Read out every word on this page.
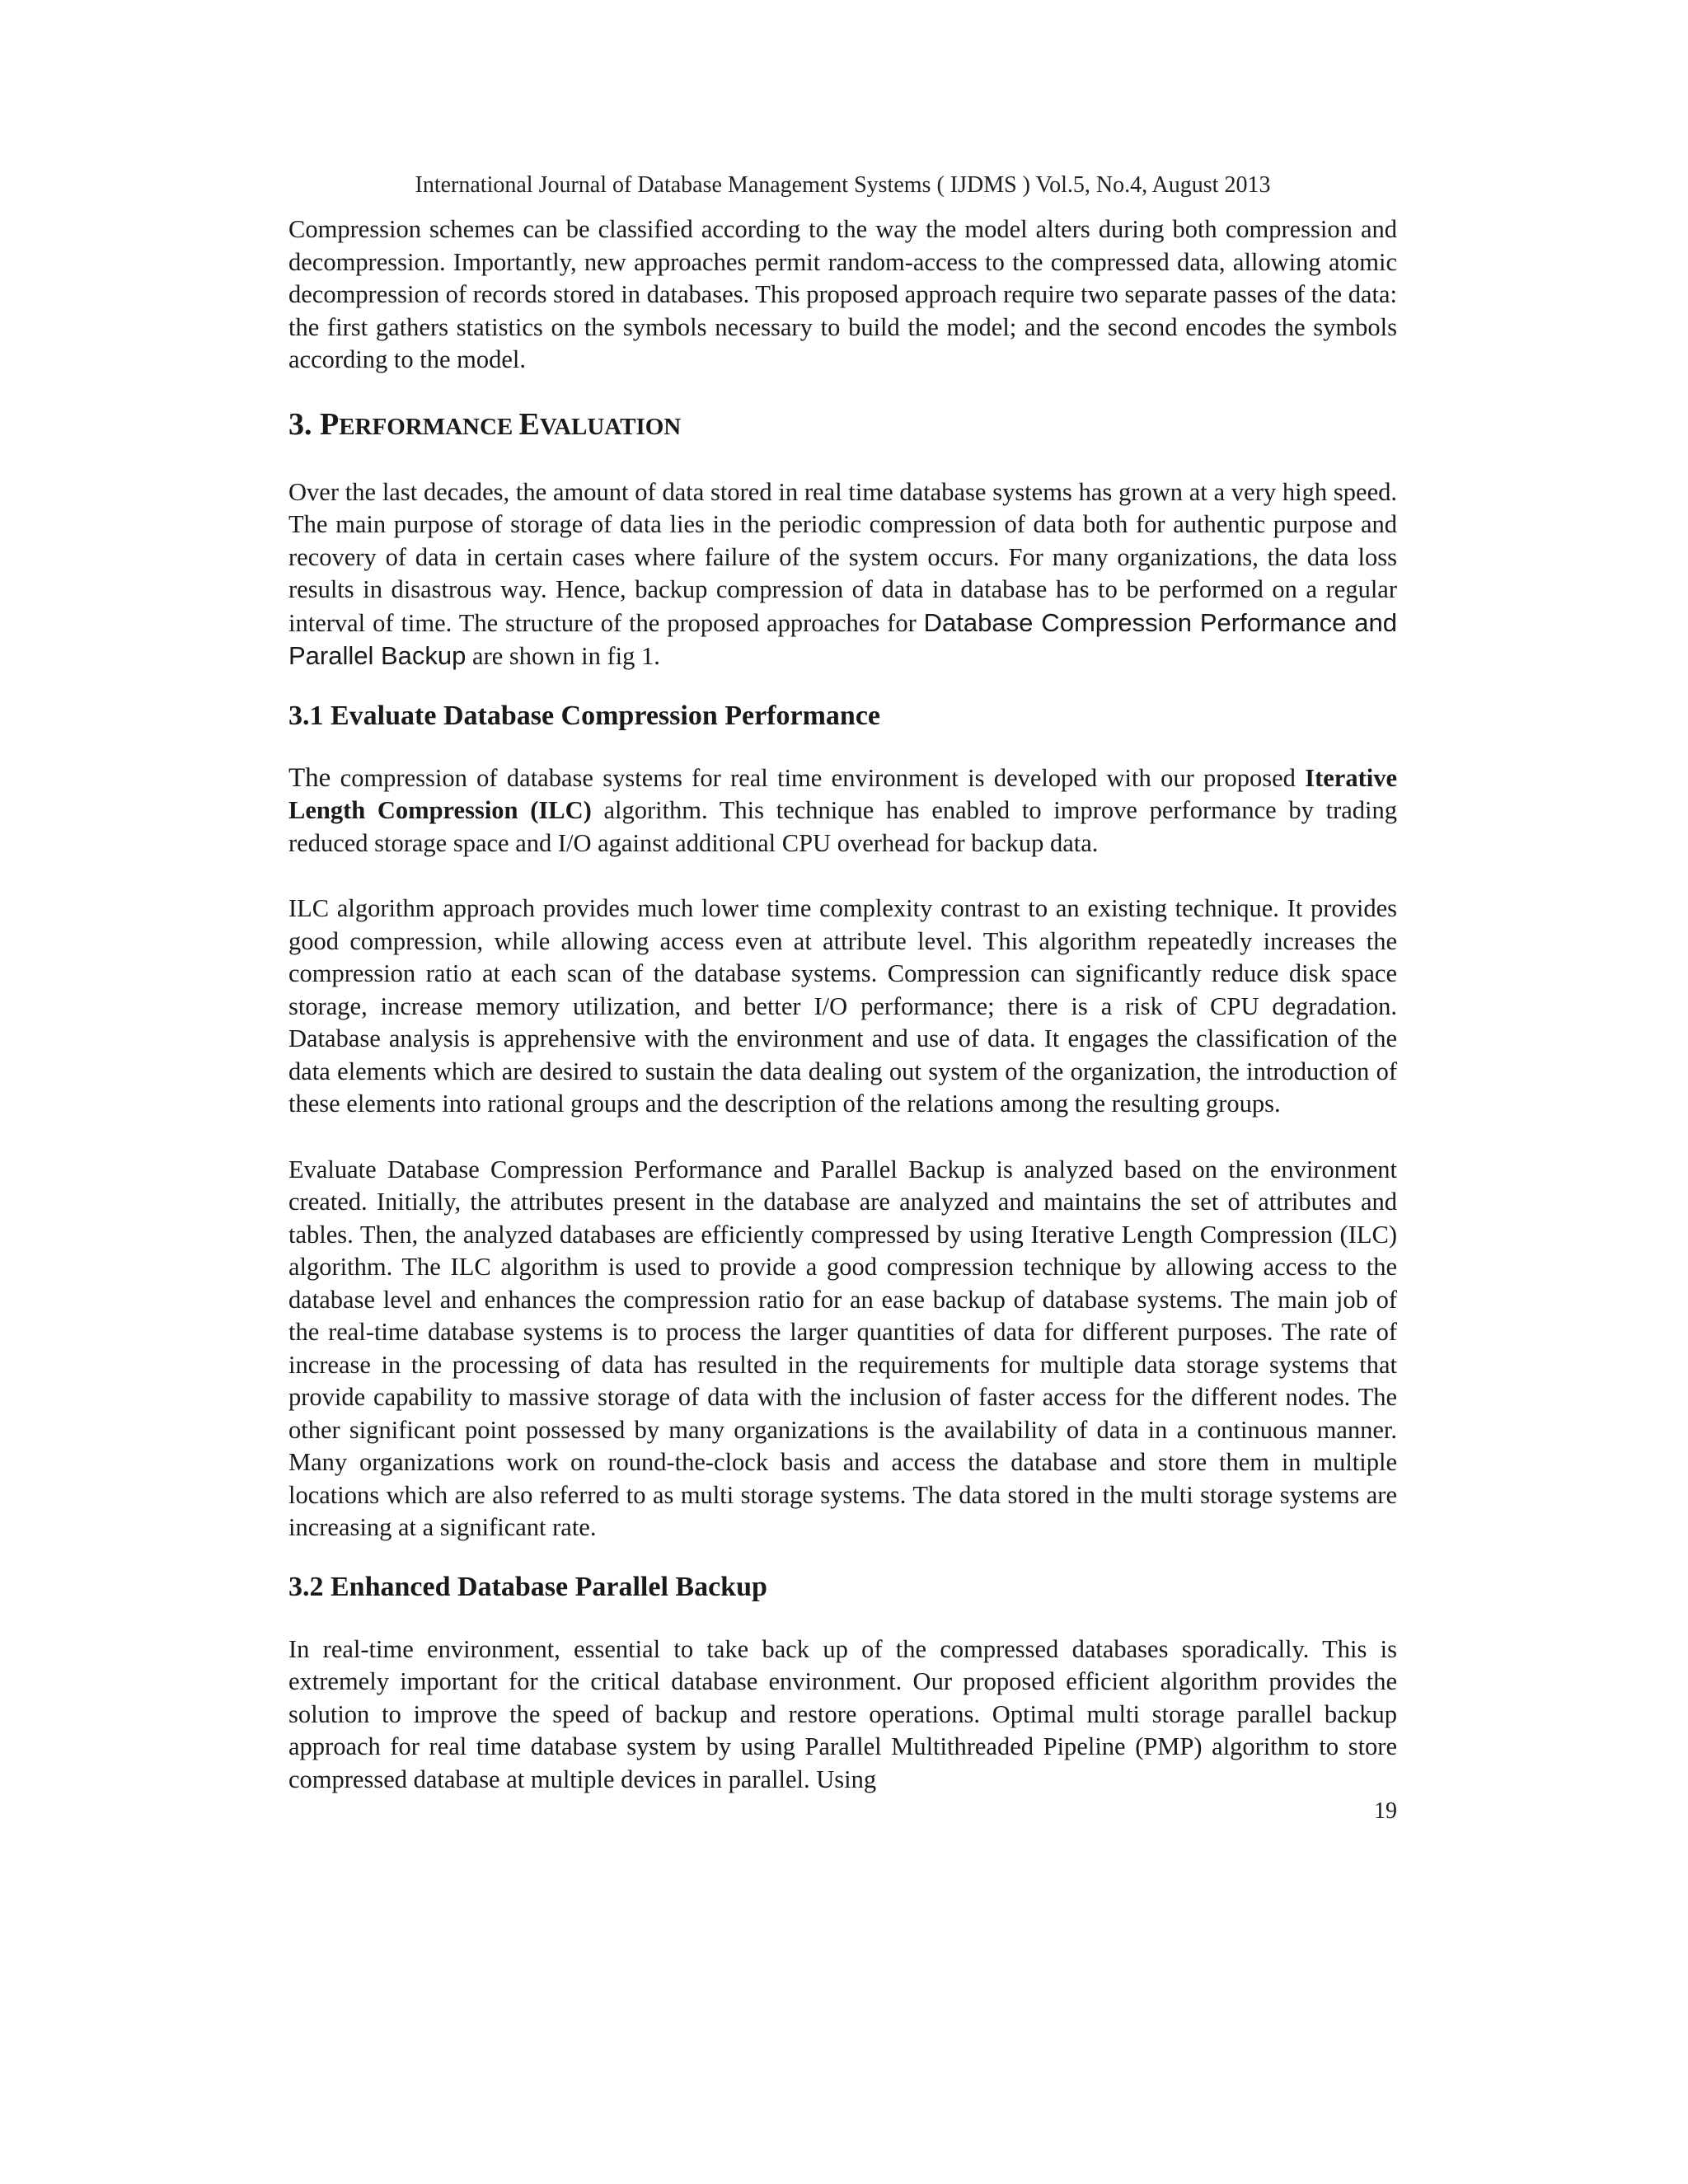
International Journal of Database Management Systems ( IJDMS ) Vol.5, No.4, August 2013

Compression schemes can be classified according to the way the model alters during both compression and decompression. Importantly, new approaches permit random-access to the compressed data, allowing atomic decompression of records stored in databases. This proposed approach require two separate passes of the data: the first gathers statistics on the symbols necessary to build the model; and the second encodes the symbols according to the model.

3. PERFORMANCE EVALUATION

Over the last decades, the amount of data stored in real time database systems has grown at a very high speed. The main purpose of storage of data lies in the periodic compression of data both for authentic purpose and recovery of data in certain cases where failure of the system occurs. For many organizations, the data loss results in disastrous way. Hence, backup compression of data in database has to be performed on a regular interval of time. The structure of the proposed approaches for Database Compression Performance and Parallel Backup are shown in fig 1.

3.1 Evaluate Database Compression Performance

The compression of database systems for real time environment is developed with our proposed Iterative Length Compression (ILC) algorithm. This technique has enabled to improve performance by trading reduced storage space and I/O against additional CPU overhead for backup data.

ILC algorithm approach provides much lower time complexity contrast to an existing technique. It provides good compression, while allowing access even at attribute level. This algorithm repeatedly increases the compression ratio at each scan of the database systems. Compression can significantly reduce disk space storage, increase memory utilization, and better I/O performance; there is a risk of CPU degradation. Database analysis is apprehensive with the environment and use of data. It engages the classification of the data elements which are desired to sustain the data dealing out system of the organization, the introduction of these elements into rational groups and the description of the relations among the resulting groups.

Evaluate Database Compression Performance and Parallel Backup is analyzed based on the environment created. Initially, the attributes present in the database are analyzed and maintains the set of attributes and tables. Then, the analyzed databases are efficiently compressed by using Iterative Length Compression (ILC) algorithm. The ILC algorithm is used to provide a good compression technique by allowing access to the database level and enhances the compression ratio for an ease backup of database systems. The main job of the real-time database systems is to process the larger quantities of data for different purposes. The rate of increase in the processing of data has resulted in the requirements for multiple data storage systems that provide capability to massive storage of data with the inclusion of faster access for the different nodes. The other significant point possessed by many organizations is the availability of data in a continuous manner. Many organizations work on round-the-clock basis and access the database and store them in multiple locations which are also referred to as multi storage systems. The data stored in the multi storage systems are increasing at a significant rate.

3.2 Enhanced Database Parallel Backup

In real-time environment, essential to take back up of the compressed databases sporadically. This is extremely important for the critical database environment. Our proposed efficient algorithm provides the solution to improve the speed of backup and restore operations. Optimal multi storage parallel backup approach for real time database system by using Parallel Multithreaded Pipeline (PMP) algorithm to store compressed database at multiple devices in parallel. Using

19
